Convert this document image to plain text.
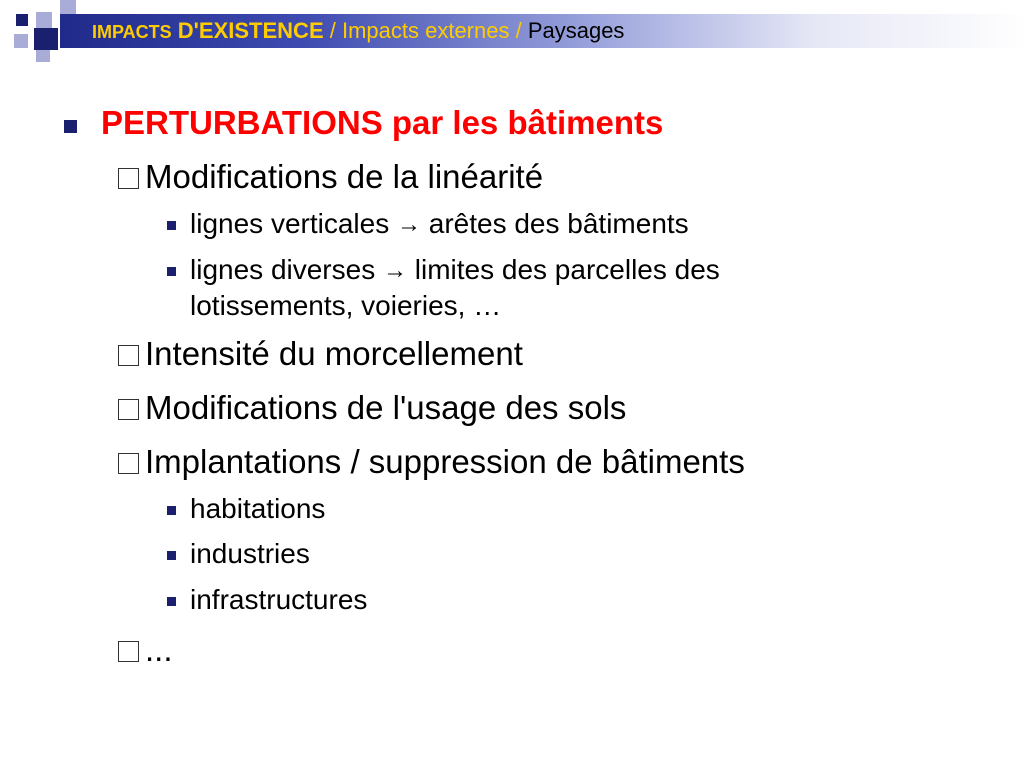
IMPACTS D'EXISTENCE / Impacts externes / Paysages
PERTURBATIONS par les bâtiments
Modifications de la linéarité
lignes verticales → arêtes des bâtiments
lignes diverses → limites des parcelles des
lotissements, voieries, …
Intensité du morcellement
Modifications de l'usage des sols
Implantations / suppression de bâtiments
habitations
industries
infrastructures
...
